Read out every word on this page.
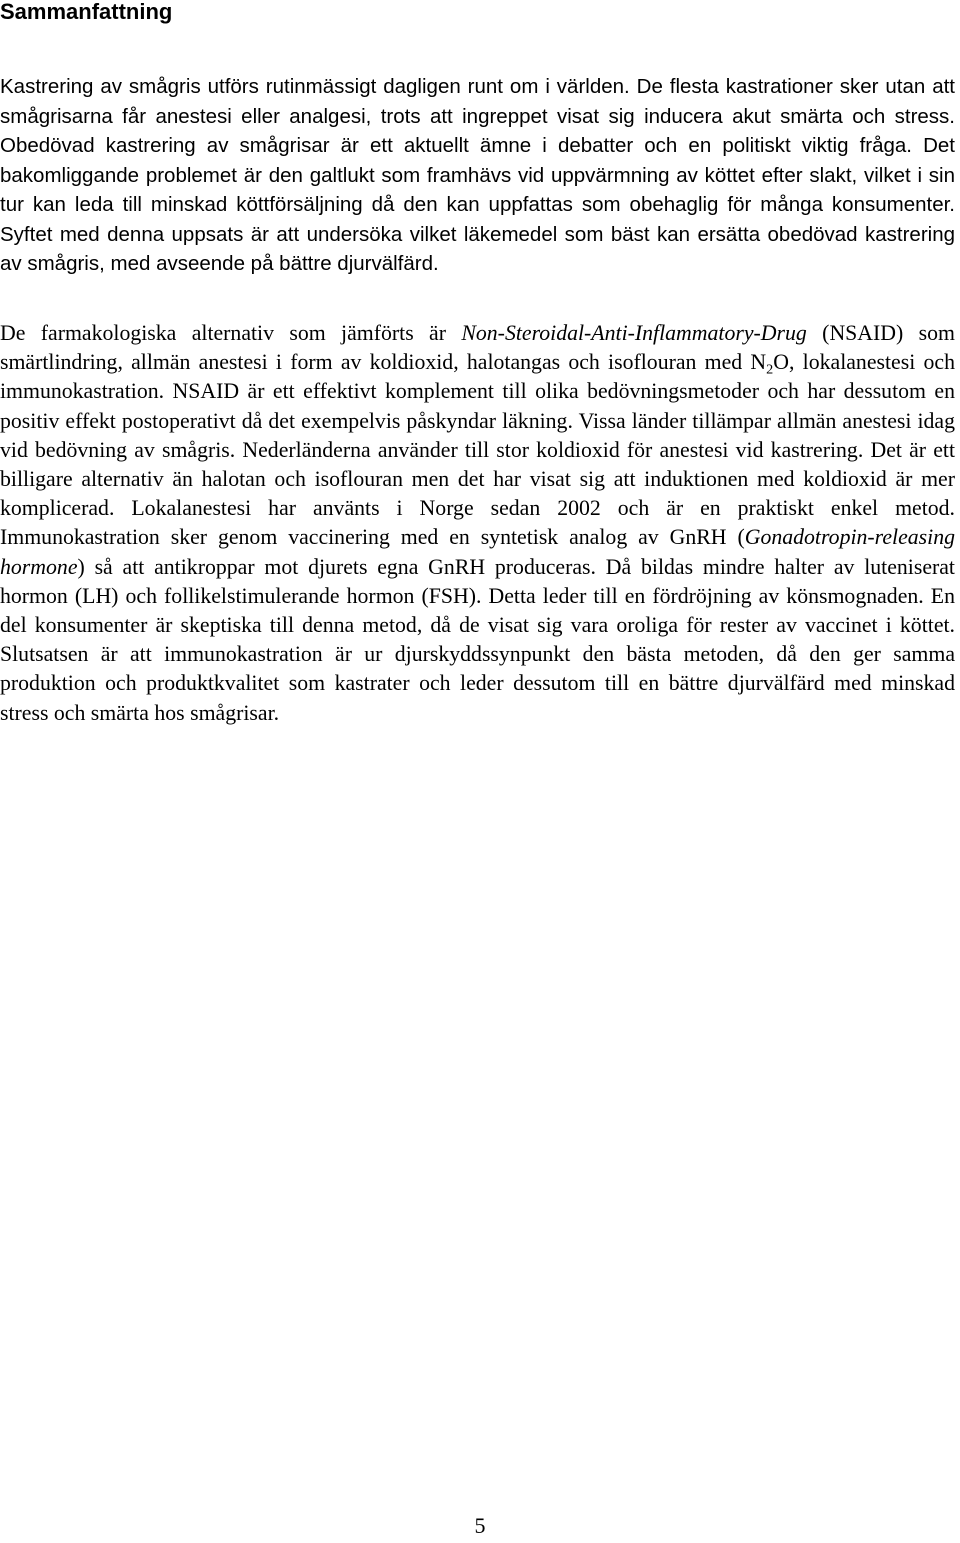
Sammanfattning

Kastrering av smågris utförs rutinmässigt dagligen runt om i världen. De flesta kastrationer sker utan att smågrisarna får anestesi eller analgesi, trots att ingreppet visat sig inducera akut smärta och stress. Obedövad kastrering av smågrisar är ett aktuellt ämne i debatter och en politiskt viktig fråga. Det bakomliggande problemet är den galtlukt som framhävs vid uppvärmning av köttet efter slakt, vilket i sin tur kan leda till minskad köttförsäljning då den kan uppfattas som obehaglig för många konsumenter. Syftet med denna uppsats är att undersöka vilket läkemedel som bäst kan ersätta obedövad kastrering av smågris, med avseende på bättre djurvälfärd.

De farmakologiska alternativ som jämförts är Non-Steroidal-Anti-Inflammatory-Drug (NSAID) som smärtlindring, allmän anestesi i form av koldioxid, halotangas och isoflouran med $N_2O$, lokalanestesi och immunokastration. NSAID är ett effektivt komplement till olika bedövningsmetoder och har dessutom en positiv effekt postoperativt då det exempelvis påskyndar läkning. Vissa länder tillämpar allmän anestesi idag vid bedövning av smågris. Nederländerna använder till stor koldioxid för anestesi vid kastrering. Det är ett billigare alternativ än halotan och isoflouran men det har visat sig att induktionen med koldioxid är mer komplicerad. Lokalanestesi har använts i Norge sedan 2002 och är en praktiskt enkel metod. Immunokastration sker genom vaccinering med en syntetisk analog av GnRH (Gonadotropin-releasing hormone) så att antikroppar mot djurets egna GnRH produceras. Då bildas mindre halter av luteniserat hormon (LH) och follikelstimulerande hormon (FSH). Detta leder till en fördröjning av könsmognaden. En del konsumenter är skeptiska till denna metod, då de visat sig vara oroliga för rester av vaccinet i köttet. Slutsatsen är att immunokastration är ur djurskyddssynpunkt den bästa metoden, då den ger samma produktion och produktkvalitet som kastrater och leder dessutom till en bättre djurvälfärd med minskad stress och smärta hos smågrisar.

5
